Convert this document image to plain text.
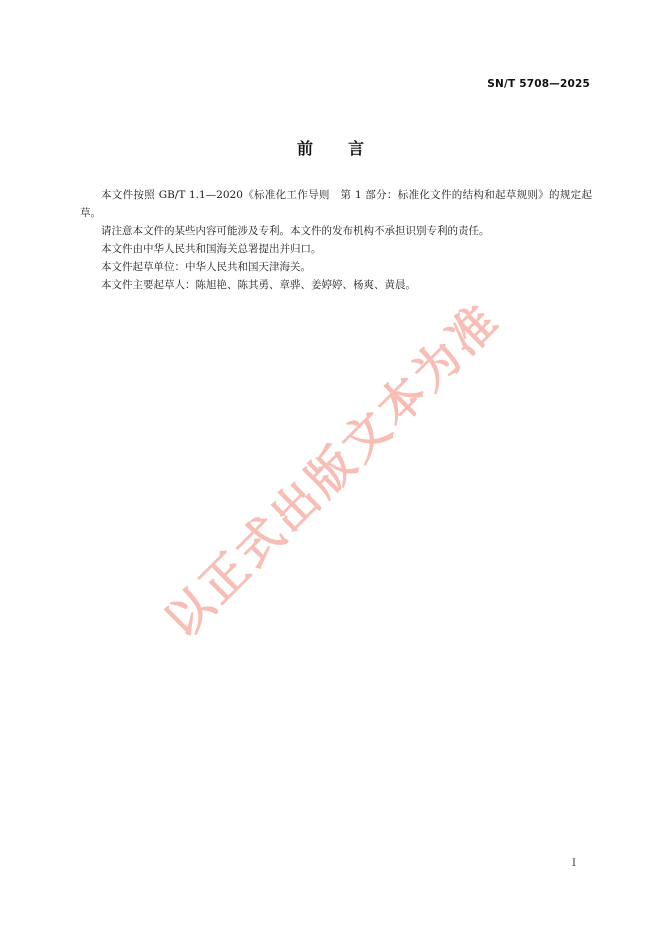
SN/T 5708—2025
前　　言

本文件按照 GB/T 1.1—2020《标准化工作导则　第 1 部分：标准化文件的结构和起草规则》的规定起草。

请注意本文件的某些内容可能涉及专利。本文件的发布机构不承担识别专利的责任。

本文件由中华人民共和国海关总署提出并归口。

本文件起草单位：中华人民共和国天津海关。

本文件主要起草人：陈旭艳、陈其勇、章骅、姜婷婷、杨爽、黄晨。

以正式出版文本为准
I
